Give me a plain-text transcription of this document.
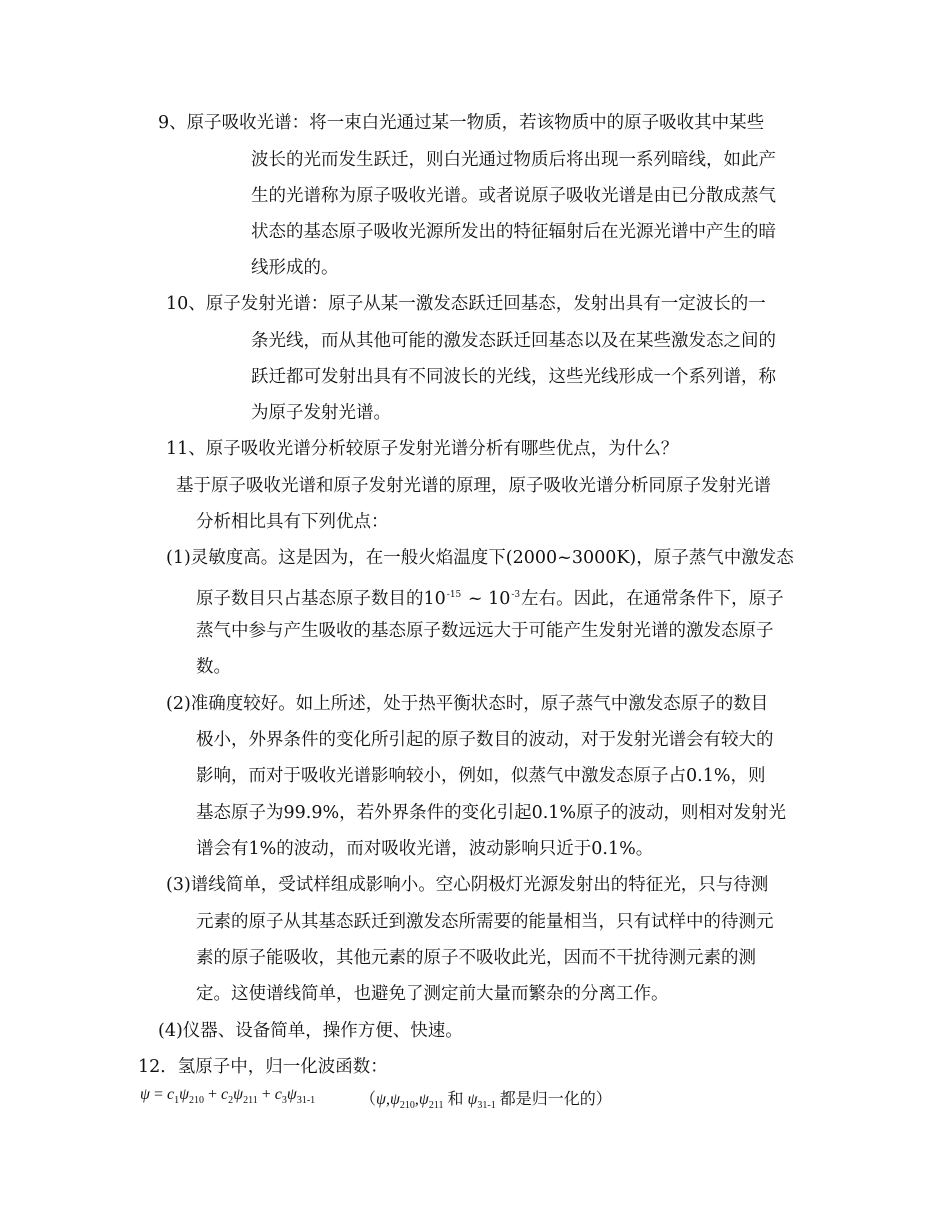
9、原子吸收光谱：将一束白光通过某一物质，若该物质中的原子吸收其中某些
波长的光而发生跃迁，则白光通过物质后将出现一系列暗线，如此产
生的光谱称为原子吸收光谱。或者说原子吸收光谱是由已分散成蒸气
状态的基态原子吸收光源所发出的特征辐射后在光源光谱中产生的暗
线形成的。
10、原子发射光谱：原子从某一激发态跃迁回基态，发射出具有一定波长的一
条光线，而从其他可能的激发态跃迁回基态以及在某些激发态之间的
跃迁都可发射出具有不同波长的光线，这些光线形成一个系列谱，称
为原子发射光谱。
11、原子吸收光谱分析较原子发射光谱分析有哪些优点，为什么？
基于原子吸收光谱和原子发射光谱的原理，原子吸收光谱分析同原子发射光谱
分析相比具有下列优点：
(1)灵敏度高。这是因为，在一般火焰温度下(2000~3000K)，原子蒸气中激发态
原子数目只占基态原子数目的$10^{-15}$ ~ $10^{-3}$左右。因此，在通常条件下，原子
蒸气中参与产生吸收的基态原子数远远大于可能产生发射光谱的激发态原子
数。
(2)准确度较好。如上所述，处于热平衡状态时，原子蒸气中激发态原子的数目
极小，外界条件的变化所引起的原子数目的波动，对于发射光谱会有较大的
影响，而对于吸收光谱影响较小，例如，似蒸气中激发态原子占0.1%，则
基态原子为99.9%，若外界条件的变化引起0.1%原子的波动，则相对发射光
谱会有1%的波动，而对吸收光谱，波动影响只近于0.1%。
(3)谱线简单，受试样组成影响小。空心阴极灯光源发射出的特征光，只与待测
元素的原子从其基态跃迁到激发态所需要的能量相当，只有试样中的待测元
素的原子能吸收，其他元素的原子不吸收此光，因而不干扰待测元素的测
定。这使谱线简单，也避免了测定前大量而繁杂的分离工作。
(4)仪器、设备简单，操作方便、快速。
12．氢原子中，归一化波函数：
$\psi = c_1\psi_{210} + c_2\psi_{211} + c_3\psi_{31-1}$	（$\psi,\psi_{210},\psi_{211}$ 和 $\psi_{31-1}$ 都是归一化的）
